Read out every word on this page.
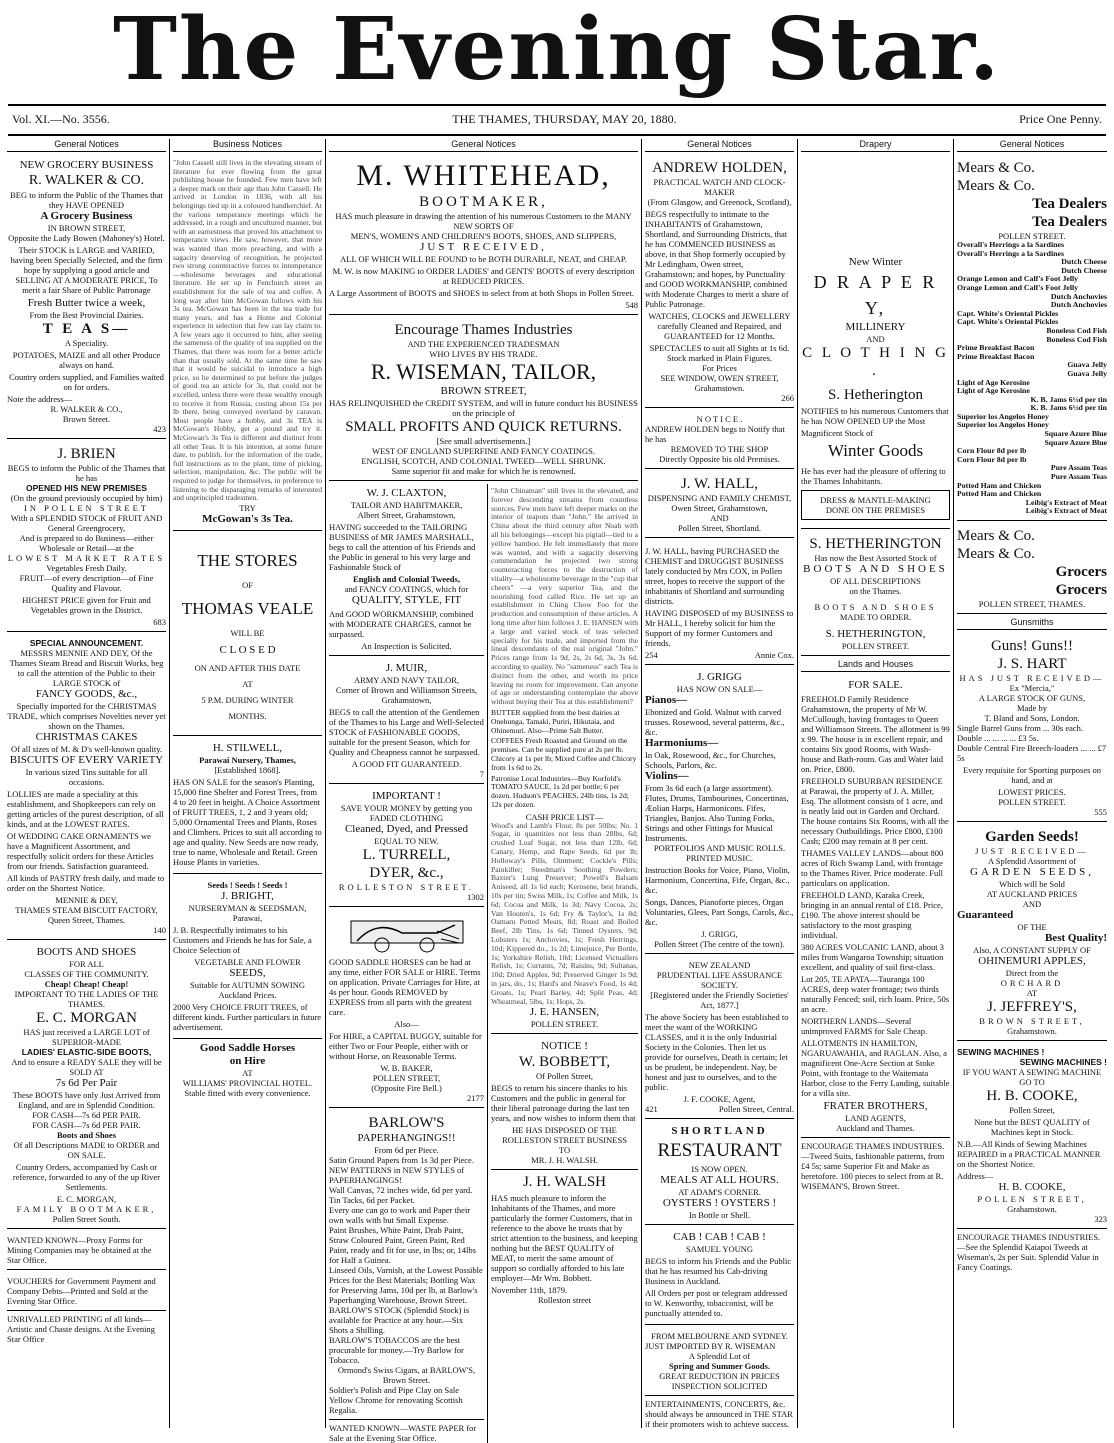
The Evening Star.
Vol. XI.—No. 3556.	THE THAMES, THURSDAY, MAY 20, 1880.	Price One Penny.
General Notices
NEW GROCERY BUSINESS
R. WALKER & CO.
BEG to inform the Public of the Thames that they HAVE OPENED
A Grocery Business
IN BROWN STREET,
Opposite the Lady Bowen (Mahoney's) Hotel.
Their STOCK is LARGE and VARIED, having been Specially Selected, and the firm hope by supplying a good article and SELLING AT A MODERATE PRICE, To merit a fair Share of Public Patronage
Fresh Butter twice a week,
From the Best Provincial Dairies.
T E A S—
A Speciality.
POTATOES, MAIZE and all other Produce always on hand.
Country orders supplied, and Families waited on for orders.
Note the address—
R. WALKER & CO.,
Brown Street.
423
J. BRIEN
BEGS to inform the Public of the Thames that he has
OPENED HIS NEW PREMISES
(On the ground previously occupied by him)
IN POLLEN STREET
With a SPLENDID STOCK of FRUIT AND General Greengrocery,
And is prepared to do Business—either Wholesale or Retail—at the
LOWEST MARKET RATES
Vegetables Fresh Daily.
FRUIT—of every description—of Fine Quality and Flavour.
HIGHEST PRICE given for Fruit and Vegetables grown in the District.
683
SPECIAL ANNOUNCEMENT.
MESSRS MENNIE AND DEY, Of the Thames Steam Bread and Biscuit Works, beg to call the attention of the Public to their LARGE STOCK of
FANCY GOODS, &c.,
Specially imported for the CHRISTMAS TRADE, which comprises Novelties never yet shown on the Thames.
CHRISTMAS CAKES
Of all sizes of M. & D's well-known quality.
BISCUITS OF EVERY VARIETY
In various sized Tins suitable for all occasions.
LOLLIES are made a speciality at this establishment, and Shopkeepers can rely on getting articles of the purest description, of all kinds, and at the LOWEST RATES.
Of WEDDING CAKE ORNAMENTS we have a Magnificent Assortment, and respectfully solicit orders for these Articles from our friends. Satisfaction guaranteed.
All kinds of PASTRY fresh daily, and made to order on the Shortest Notice.
MENNIE & DEY,
THAMES STEAM BISCUIT FACTORY, Queen Street, Thames.
140
BOOTS AND SHOES
FOR ALL
CLASSES OF THE COMMUNITY.
Cheap! Cheap! Cheap!
IMPORTANT TO THE LADIES OF THE THAMES.
E. C. MORGAN
HAS just received a LARGE LOT of SUPERIOR-MADE
LADIES' ELASTIC-SIDE BOOTS,
And to ensure a READY SALE they will be SOLD AT
7s 6d Per Pair
These BOOTS have only Just Arrived from England, and are in Splendid Condition.
FOR CASH—7s 6d PER PAIR.
FOR CASH—7s 6d PER PAIR.
Boots and Shoes
Of all Descriptions MADE to ORDER and ON SALE.
Country Orders, accompanied by Cash or reference, forwarded to any of the up River Settlements.
E. C. MORGAN,
FAMILY BOOTMAKER,
Pollen Street South.
WANTED KNOWN—Proxy Forms for Mining Companies may be obtained at the Star Office.
VOUCHERS for Government Payment and Company Debts—Printed and Sold at the Evening Star Office.
UNRIVALLED PRINTING of all kinds—Artistic and Chaste designs. At the Evening Star Office
Business Notices
"John Cassell still lives in the elevating stream of literature for ever flowing from the great publishing house he founded. Few men have left a deeper mark on their age than John Cassell. He arrived in London in 1836, with all his belongings tied up in a coloured handkerchief. At the various temperance meetings which he addressed, in a rough and uncultured manner, but with an earnestness that proved his attachment to temperance views. He saw, however, that more was wanted than more preaching, and with a sagacity deserving of recognition, he projected two strong counteractive forces to intemperance—wholesome beverages and educational literature. He set up in Fenchurch street an establishment for the sale of tea and coffee. A long way after him McGowan follows with his 3s tea. McGowan has been in the tea trade for many years, and has a Home and Colonial experience in selection that few can lay claim to. A few years ago it occurred to him, after seeing the sameness of the quality of tea supplied on the Thames, that there was room for a better article than that usually sold. At the same time he saw that it would be suicidal to introduce a high price, so he determined to put before the judges of good tea an article for 3s, that could not be excelled, unless there were those wealthy enough to receive it from Russia, costing about 15s per lb there, being conveyed overland by caravan. Most people have a hobby, and 3s TEA is McGowan's Hobby, get a pound and try it. McGowan's 3s Tea is different and distinct from all other Teas. It is his intention, at some future date, to publish, for the information of the trade, full instructions as to the plant, time of picking, selection, manipulation, &c. The public will be required to judge for themselves, in preference to listening to the disparaging remarks of interested and unprincipled tradesmen.
TRY
McGowan's 3s Tea.
THE STORES
OF
THOMAS VEALE
WILL BE
C L O S E D
ON AND AFTER THIS DATE
AT
5 P.M. DURING WINTER
MONTHS.
H. STILWELL,
Parawai Nursery, Thames,
[Established 1868].
HAS ON SALE for the season's Planting, 15,000 fine Shelter and Forest Trees, from 4 to 20 feet in height. A Choice Assortment of FRUIT TREES, 1, 2 and 3 years old; 5,000 Ornamental Trees and Plants, Roses and Climbers. Prices to suit all according to age and quality. New Seeds are now ready, true to name, Wholesale and Retail. Green House Plants in varieties.
Seeds ! Seeds ! Seeds !
J. BRIGHT,
NURSERYMAN & SEEDSMAN, Parawai,
J. B. Respectfully intimates to his Customers and Friends he has for Sale, a Choice Selection of
VEGETABLE AND FLOWER
SEEDS,
Suitable for AUTUMN SOWING
Auckland Prices.
2000 Very CHOICE FRUIT TREES, of different kinds. Further particulars in future advertisement.
Good Saddle Horses
on Hire
AT
WILLIAMS' PROVINCIAL HOTEL.
Stable fitted with every convenience.
General Notices
M. WHITEHEAD,
BOOTMAKER,
HAS much pleasure in drawing the attention of his numerous Customers to the MANY NEW SORTS OF
MEN'S, WOMEN'S AND CHILDREN'S BOOTS, SHOES, AND SLIPPERS,
JUST RECEIVED,
ALL OF WHICH WILL BE FOUND to be BOTH DURABLE, NEAT, and CHEAP.
M. W. is now MAKING to ORDER LADIES' and GENTS' BOOTS of every description at REDUCED PRICES.
A Large Assortment of BOOTS and SHOES to select from at both Shops in Pollen Street.
548
Encourage Thames Industries
AND THE EXPERIENCED TRADESMAN
WHO LIVES BY HIS TRADE.
R. WISEMAN, TAILOR,
BROWN STREET,
HAS RELINQUISHED the CREDIT SYSTEM, and will in future conduct his BUSINESS on the principle of
SMALL PROFITS AND QUICK RETURNS.
[See small advertisements.]
WEST OF ENGLAND SUPERFINE AND FANCY COATINGS.
ENGLISH, SCOTCH, AND COLONIAL TWEED—WELL SHRUNK.
Same superior fit and make for which he is renowned.
W. J. CLAXTON,
TAILOR AND HABITMAKER,
Albert Street, Grahamstown,
HAVING succeeded to the TAILORING BUSINESS of MR JAMES MARSHALL, begs to call the attention of his Friends and the Public in general to his very large and Fashionable Stock of
English and Colonial Tweeds,
and FANCY COATINGS, which for
QUALITY, STYLE, FIT
And GOOD WORKMANSHIP, combined with MODERATE CHARGES, cannot be surpassed.
An Inspection is Solicited.
J. MUIR,
ARMY AND NAVY TAILOR,
Corner of Brown and Williamson Streets, Grahamstown,
BEGS to call the attention of the Gentlemen of the Thames to his Large and Well-Selected STOCK of FASHIONABLE GOODS, suitable for the present Season, which for Quality and Cheapness cannot be surpassed.
A GOOD FIT GUARANTEED.
7
IMPORTANT !
SAVE YOUR MONEY by getting you FADED CLOTHING
Cleaned, Dyed, and Pressed
EQUAL TO NEW.
L. TURRELL,
DYER, &c.,
ROLLESTON STREET.
1302
GOOD SADDLE HORSES can be had at any time, either FOR SALE or HIRE. Terms on application. Private Carriages for Hire, at 4s per hour. Goods REMOVED by EXPRESS from all parts with the greatest care.
Also—
For HIRE, a CAPITAL BUGGY, suitable for either Two or Four People, either with or without Horse, on Reasonable Terms.
W. B. BAKER,
POLLEN STREET,
(Opposite Fire Bell.)
2177
BARLOW'S
PAPERHANGINGS!!
From 6d per Piece.
Satin Ground Papers from 1s 3d per Piece.
NEW PATTERNS in NEW STYLES of PAPERHANGINGS!
Wall Canvas, 72 inches wide, 6d per yard. Tin Tacks, 6d per Packet.
Every one can go to work and Paper their own walls with but Small Expense.
Paint Brushes, White Paint, Drab Paint, Straw Coloured Paint, Green Paint, Red Paint, ready and fit for use, in lbs; or, 14lbs for Half a Guinea.
Linseed Oils, Varnish, at the Lowest Possible Prices for the Best Materials; Bottling Wax for Preserving Jams, 10d per lb, at Barlow's Paperhanging Warehouse, Brown Street.
BARLOW'S STOCK (Splendid Stock) is available for Practice at any hour.—Six Shots a Shilling.
BARLOW'S TOBACCOS are the best procurable for money.—Try Barlow for Tobacco.
Ormond's Swiss Cigars, at BARLOW'S, Brown Street.
Soldier's Polish and Pipe Clay on Sale Yellow Chrome for renovating Scottish Regalia.
WANTED KNOWN—WASTE PAPER for Sale at the Evening Star Office.
"John Chinaman" still lives in the elevated, and forever descending streams from countless sources. Few men have left deeper marks on the interior of teapots than "John." He arrived in China about the third century after Noah with all his belongings—except his pigtail—tied to a yellow bamboo. He felt immediately that more was wanted, and with a sagacity deserving commendation he projected two strong counteracting forces to the destruction of vitality—a wholesome beverage in the "cup that cheers" —a very superior Tea, and the nourishing food called Rice. He set up an establishment in Ching Chow Foo for the production and consumption of these articles. A long time after him follows J. E. HANSEN with a large and varied stock of teas selected specially for his trade, and imported from the lineal descendants of the real original "John." Prices range from 1s 9d, 2s, 2s 6d, 3s, 3s 6d, according to quality. No "sameness" each Tea is distinct from the other, and worth its price leaving no room for improvement. Can anyone of age or understanding contemplate the above without buying their Tea at this establishment?
BUTTER supplied from the best dairies at Onehunga, Tamaki, Puriri, Hikutaia, and Ohinemuri. Also—Prime Salt Butter.
COFFEES Fresh Roasted and Ground on the premises. Can be supplied pure at 2s per lb. Chicory at 1s per lb; Mixed Coffee and Chicory from 1s 6d to 2s.
Patronise Local Industries—Buy Korfold's TOMATO SAUCE, 1s 2d per bottle; 6 per dozen. Hudson's PEACHES, 24lb tins, 1s 2d; 12s per dozen.
CASH PRICE LIST—
Wood's and Lamb's Flour, 8s per 50lbs; No. 1 Sugar, in quantities not less than 28lbs, 6d; crushed Loaf Sugar, not less than 12lb, 6d; Canary, Hemp, and Rape Seeds, 6d per lb; Holloway's Pills, Ointment; Cockle's Pills; Painkiller; Steedman's Soothing Powders; Baxter's Lung Preserver; Powell's Balsam Aniseed, all 1s 6d each; Kerosene, best brands, 10s per tin; Swiss Milk, 1s; Coffee and Milk, 1s 6d; Cocoa and Milk, 1s 3d; Navy Cocoa, 2s; Van Houten's, 1s 6d; Fry & Taylor's, 1s 8d; Oamaru Potted Meats, 8d; Roast and Boiled Beef, 2lb Tins, 1s 6d; Tinned Oysters, 9d; Lobsters 1s; Anchovies, 1s; Fresh Herrings, 10d; Kippered do., 1s 2d; Limejuice, Per Bottle, 1s; Yorkshire Relish, 10d; Licensed Victuallers Relish, 1s; Currants, 7d; Raisins, 9d; Sultanas, 10d; Dried Apples, 9d; Preserved Ginger 1s 9d; in jars, do., 1s; Hard's and Neave's Food, 1s 4d; Groats, 1s; Pearl Barley, 4d; Split Peas, 4d; Wheatmeal, 5lbs, 1s; Hops, 2s.
J. E. HANSEN,
POLLEN STREET.
NOTICE !
W. BOBBETT,
Of Pollen Street,
BEGS to return his sincere thanks to his Customers and the public in general for their liberal patronage during the last ten years, and now wishes to inform them that
HE HAS DISPOSED OF THE
ROLLESTON STREET BUSINESS
TO
MR. J. H. WALSH.
J. H. WALSH
HAS much pleasure to inform the Inhabitants of the Thames, and more particularly the former Customers, that in reference to the above he trusts that by strict attention to the business, and keeping nothing but the BEST QUALITY of MEAT, to merit the same amount of support so cordially afforded to his late employer—Mr Wm. Bobbett.
November 11th, 1879.
Rolleston street
General Notices
ANDREW HOLDEN,
PRACTICAL WATCH AND CLOCK-MAKER
(From Glasgow, and Greenock, Scotland),
BEGS respectfully to intimate to the INHABITANTS of Grahamstown, Shortland, and Surrounding Districts, that he has COMMENCED BUSINESS as above, in that Shop formerly occupied by Mr Ledingham, Owen street, Grahamstown; and hopes, by Punctuality and GOOD WORKMANSHIP, combined with Moderate Charges to merit a share of Public Patronage.
WATCHES, CLOCKS and JEWELLERY carefully Cleaned and Repaired, and GUARANTEED for 12 Months.
SPECTACLES to suit all Sights at 1s 6d.
Stock marked in Plain Figures.
For Prices
SEE WINDOW, OWEN STREET,
Grahamstown.
266
N O T I C E .
ANDREW HOLDEN begs to Notify that he has
REMOVED TO THE SHOP
Directly Opposite his old Premises.
J. W. HALL,
DISPENSING AND FAMILY CHEMIST,
Owen Street, Grahamstown,
AND
Pollen Street, Shortland.
J. W. HALL, having PURCHASED the CHEMIST and DRUGGIST BUSINESS lately conducted by Mrs COX, in Pollen street, hopes to receive the support of the inhabitants of Shortland and surrounding districts.
HAVING DISPOSED of my BUSINESS to Mr HALL, I hereby solicit for him the Support of my former Customers and friends.
254	Annie Cox.
J. GRIGG
HAS NOW ON SALE—
Pianos—
Ebonized and Gold. Walnut with carved trusses. Rosewood, several patterns, &c., &c.
Harmoniums—
In Oak, Rosewood, &c., for Churches, Schools, Parlors, &c.
Violins—
From 3s 6d each (a large assortment). Flutes, Drums, Tambourines, Concertinas, Æolian Harps, Harmonicons. Fifes, Triangles, Banjos. Also Tuning Forks, Strings and other Fittings for Musical Instruments.
PORTFOLIOS AND MUSIC ROLLS.
PRINTED MUSIC.
Instruction Books for Voice, Piano, Violin, Harmonium, Concertina, Fife, Organ, &c., &c.
Songs, Dances, Pianoforte pieces, Organ Voluntaries, Glees, Part Songs, Carols, &c., &c.
J. GRIGG,
Pollen Street (The centre of the town).
NEW ZEALAND
PRUDENTIAL LIFE ASSURANCE SOCIETY.
[Registered under the Friendly Societies' Act, 1877.]
The above Society has been established to meet the want of the WORKING CLASSES, and it is the only Industrial Society in the Colonies. Then let us provide for ourselves, Death is certain; let us be prudent, be independent. Nay, be honest and just to ourselves, and to the public.
J. F. COOKE, Agent,
421	Pollen Street, Central.
SHORTLAND
RESTAURANT
IS NOW OPEN.
MEALS AT ALL HOURS.
AT ADAM'S CORNER.
OYSTERS ! OYSTERS !
In Bottle or Shell.
CAB ! CAB ! CAB !
SAMUEL YOUNG
BEGS to inform his Friends and the Public that he has resumed his Cab-driving Business in Auckland.
All Orders per post or telegram addressed to W. Kenworthy, tobacconist, will be punctually attended to.
FROM MELBOURNE AND SYDNEY.
JUST IMPORTED BY R. WISEMAN
A Splendid Lot of
Spring and Summer Goods.
GREAT REDUCTION IN PRICES
INSPECTION SOLICITED
ENTERTAINMENTS, CONCERTS, &c. should always be announced in THE STAR if their promoters wish to achieve success.
Drapery
New Winter
D R A P E R Y,
MILLINERY
AND
C L O T H I N G .
S. Hetherington
NOTIFIES to his numerous Customers that he has NOW OPENED UP the Most
Magnificent Stock of
Winter Goods
He has ever had the pleasure of offering to the Thames Inhabitants.
DRESS & MANTLE-MAKING
DONE ON THE PREMISES
S. HETHERINGTON
Has now the Best Assorted Stock of
BOOTS AND SHOES
OF ALL DESCRIPTIONS
on the Thames.
BOOTS AND SHOES
MADE TO ORDER.
S. HETHERINGTON,
POLLEN STREET.
Lands and Houses
FOR SALE.
FREEHOLD Family Residence Grahamstown, the property of Mr W. McCullough, having frontages to Queen and Williamson Streets. The allotment is 99 x 99. The house is in excellent repair, and contains Six good Rooms, with Wash-house and Bath-room. Gas and Water laid on. Price, £800.
FREEHOLD SUBURBAN RESIDENCE at Parawai, the property of J. A. Miller, Esq. The allotment consists of 1 acre, and is neatly laid out in Garden and Orchard. The house contains Six Rooms, with all the necessary Outbuildings. Price £800, £100 Cash; £200 may remain at 8 per cent.
THAMES VALLEY LANDS—about 800 acres of Rich Swamp Land, with frontage to the Thames River. Price moderate. Full particulars on application.
FREEHOLD LAND, Karaka Creek, bringing in an annual rental of £18. Price, £190. The above interest should be satisfactory to the most grasping individual.
380 ACRES VOLCANIC LAND, about 3 miles from Wangaroa Township; situation excellent, and quality of soil first-class.
Lot 205, TE APATA—Tauranga 100 ACRES, deep water frontage; two thirds naturally Fenced; soil, rich loam. Price, 50s an acre.
NORTHERN LANDS—Several unimproved FARMS for Sale Cheap.
ALLOTMENTS IN HAMILTON, NGARUAWAHIA, and RAGLAN. Also, a magnificent One-Acre Section at Stoke Point, with frontage to the Waitemata Harbor, close to the Ferry Landing, suitable for a villa site.
FRATER BROTHERS,
LAND AGENTS,
Auckland and Thames.
ENCOURAGE THAMES INDUSTRIES.—Tweed Suits, fashionable patterns, from £4 5s; same Superior Fit and Make as heretofore. 100 pieces to select from at R. WISEMAN'S, Brown Street.
General Notices
Mears & Co.
Mears & Co.
Tea Dealers
Tea Dealers
POLLEN STREET.
Overall's Herrings a la Sardines
Overall's Herrings a la Sardines
Dutch Cheese
Dutch Cheese
Orange Lemon and Calf's Foot Jelly
Orange Lemon and Calf's Foot Jelly
Dutch Anchovies
Dutch Anchovies
Capt. White's Oriental Pickles
Capt. White's Oriental Pickles
Boneless Cod Fish
Boneless Cod Fish
Prime Breakfast Bacon
Prime Breakfast Bacon
Guava Jelly
Guava Jelly
Light of Age Kerosine
Light of Age Kerosine
K. B. Jams 6½d per tin
K. B. Jams 6½d per tin
Superior los Angelos Honey
Superior los Angelos Honey
Square Azure Blue
Square Azure Blue
Corn Flour 8d per lb
Corn Flour 8d per lb
Pure Assam Teas
Pure Assam Teas
Potted Ham and Chicken
Potted Ham and Chicken
Leibig's Extract of Meat
Leibig's Extract of Meat
Mears & Co.
Mears & Co.
Grocers
Grocers
POLLEN STREET, THAMES.
Gunsmiths
Guns! Guns!!
J. S. HART
HAS JUST RECEIVED—
Ex "Mercia,"
A LARGE STOCK OF GUNS,
Made by
T. Bland and Sons, London.
Single Barrel Guns from ... 30s each.
Double ... ... ... ... £3 5s.
Double Central Fire Breech-loaders ... ... £7 5s
Every requisite for Sporting purposes on hand, and at
LOWEST PRICES.
POLLEN STREET.
555
Garden Seeds!
JUST RECEIVED—
A Splendid Assortment of
GARDEN SEEDS,
Which will be Sold
AT AUCKLAND PRICES
AND
Guaranteed
OF THE
Best Quality!
Also, A CONSTANT SUPPLY OF
OHINEMURI APPLES,
Direct from the
ORCHARD
AT
J. JEFFREY'S,
BROWN STREET,
Grahamstown.
SEWING MACHINES !
SEWING MACHINES !
IF YOU WANT A SEWING MACHINE
GO TO
H. B. COOKE,
Pollen Street,
None but the BEST QUALITY of Machines kept in Stock.
N.B.—All Kinds of Sewing Machines REPAIRED in a PRACTICAL MANNER on the Shortest Notice.
Address—
H. B. COOKE,
POLLEN STREET,
Grahamstown.
323
ENCOURAGE THAMES INDUSTRIES.—See the Splendid Kaiapoi Tweeds at Wiseman's, 2s per Suit. Splendid Value in Fancy Coatings.
